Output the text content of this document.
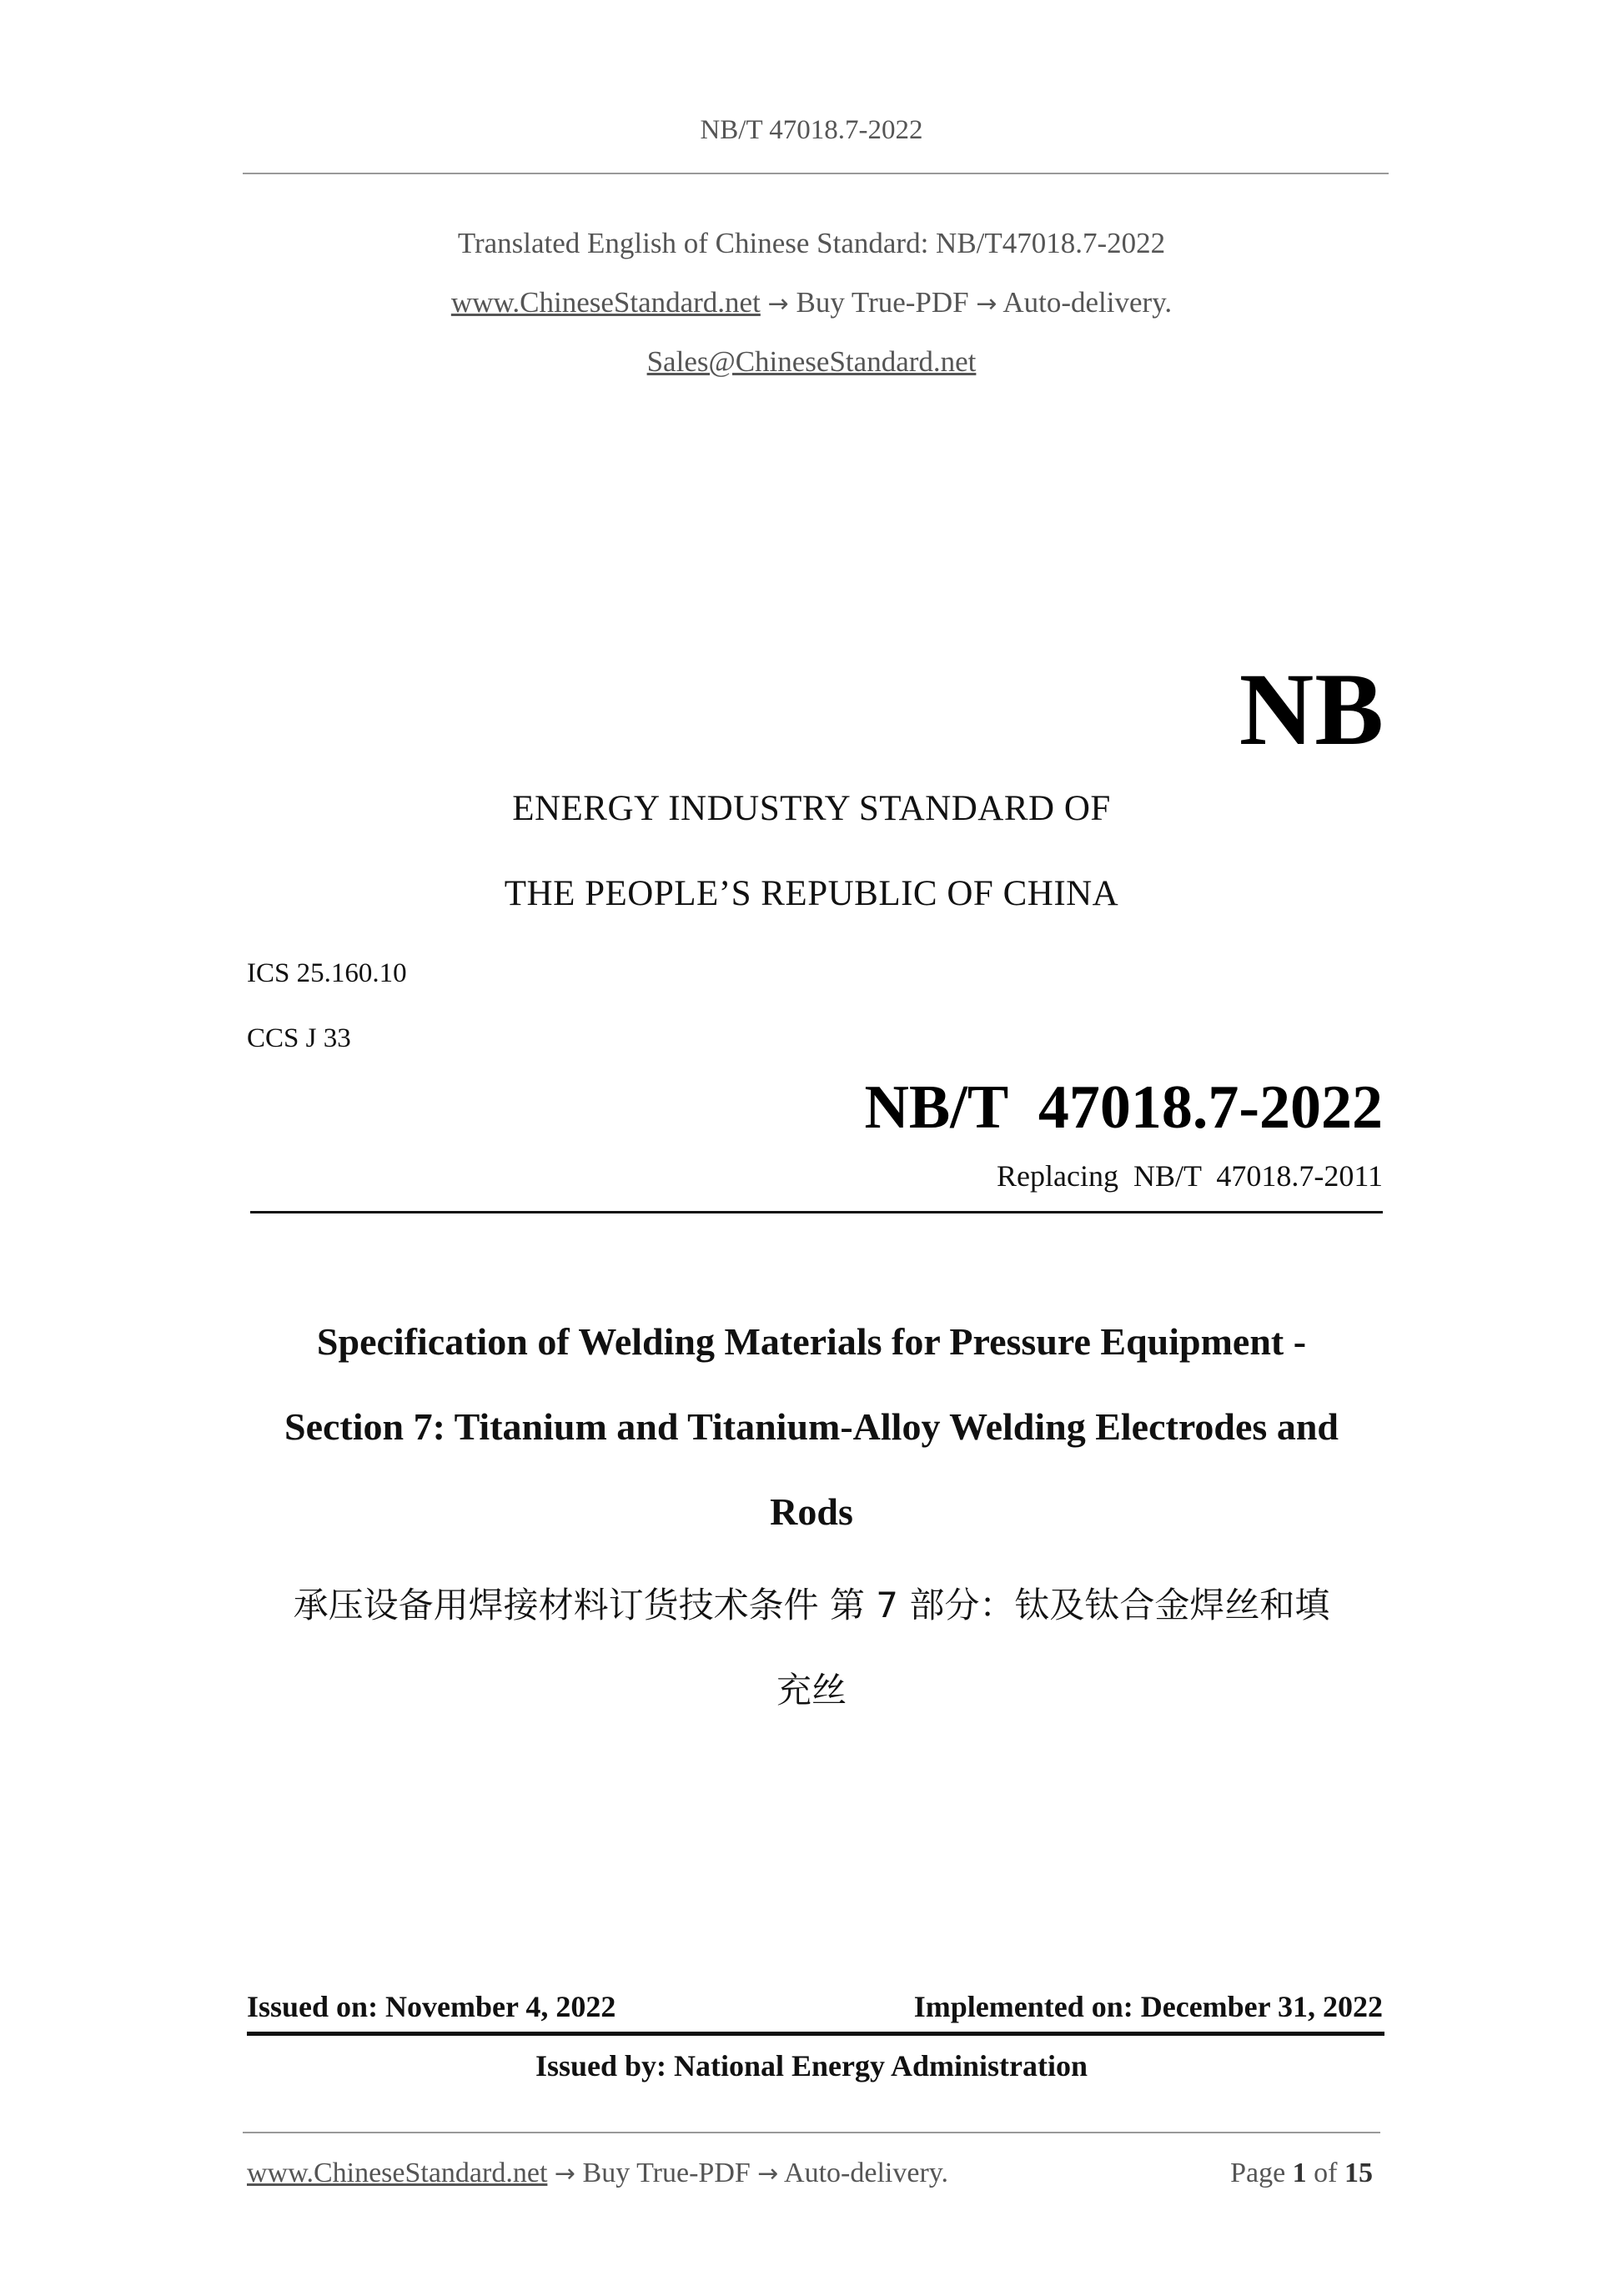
NB/T 47018.7-2022
Translated English of Chinese Standard: NB/T47018.7-2022
www.ChineseStandard.net → Buy True-PDF → Auto-delivery.
Sales@ChineseStandard.net
NB
ENERGY INDUSTRY STANDARD OF
THE PEOPLE’S REPUBLIC OF CHINA
ICS 25.160.10
CCS J 33
NB/T  47018.7-2022
Replacing  NB/T  47018.7-2011
Specification of Welding Materials for Pressure Equipment -
Section 7: Titanium and Titanium-Alloy Welding Electrodes and
Rods
承压设备用焊接材料订货技术条件 第 7 部分：钛及钛合金焊丝和填
充丝
Issued on: November 4, 2022	Implemented on: December 31, 2022
Issued by: National Energy Administration
www.ChineseStandard.net → Buy True-PDF → Auto-delivery.	Page 1 of 15
